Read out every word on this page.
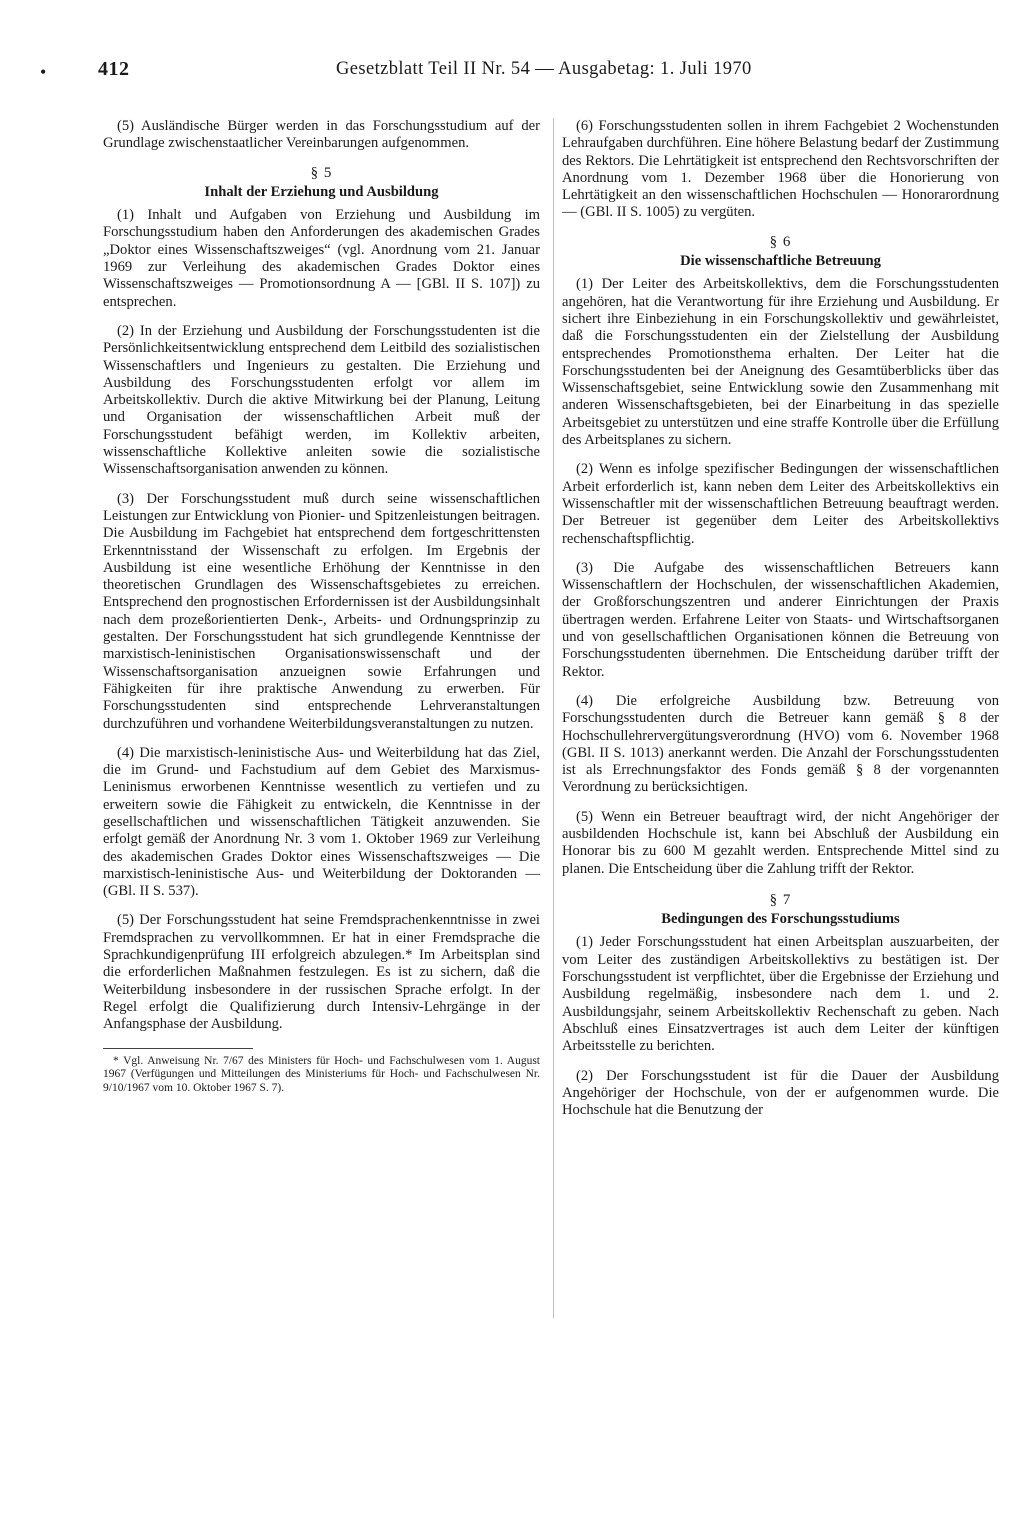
•	412	Gesetzblatt Teil II Nr. 54 — Ausgabetag: 1. Juli 1970

(5) Ausländische Bürger werden in das Forschungsstudium auf der Grundlage zwischenstaatlicher Vereinbarungen aufgenommen.

§ 5
Inhalt der Erziehung und Ausbildung

(1) Inhalt und Aufgaben von Erziehung und Ausbildung im Forschungsstudium haben den Anforderungen des akademischen Grades „Doktor eines Wissenschaftszweiges“ (vgl. Anordnung vom 21. Januar 1969 zur Verleihung des akademischen Grades Doktor eines Wissenschaftszweiges — Promotionsordnung A — [GBl. II S. 107]) zu entsprechen.

(2) In der Erziehung und Ausbildung der Forschungsstudenten ist die Persönlichkeitsentwicklung entsprechend dem Leitbild des sozialistischen Wissenschaftlers und Ingenieurs zu gestalten. Die Erziehung und Ausbildung des Forschungsstudenten erfolgt vor allem im Arbeitskollektiv. Durch die aktive Mitwirkung bei der Planung, Leitung und Organisation der wissenschaftlichen Arbeit muß der Forschungsstudent befähigt werden, im Kollektiv arbeiten, wissenschaftliche Kollektive anleiten sowie die sozialistische Wissenschaftsorganisation anwenden zu können.

(3) Der Forschungsstudent muß durch seine wissenschaftlichen Leistungen zur Entwicklung von Pionier- und Spitzenleistungen beitragen. Die Ausbildung im Fachgebiet hat entsprechend dem fortgeschrittensten Erkenntnisstand der Wissenschaft zu erfolgen. Im Ergebnis der Ausbildung ist eine wesentliche Erhöhung der Kenntnisse in den theoretischen Grundlagen des Wissenschaftsgebietes zu erreichen. Entsprechend den prognostischen Erfordernissen ist der Ausbildungsinhalt nach dem prozeßorientierten Denk-, Arbeits- und Ordnungsprinzip zu gestalten. Der Forschungsstudent hat sich grundlegende Kenntnisse der marxistisch-leninistischen Organisationswissenschaft und der Wissenschaftsorganisation anzueignen sowie Erfahrungen und Fähigkeiten für ihre praktische Anwendung zu erwerben. Für Forschungsstudenten sind entsprechende Lehrveranstaltungen durchzuführen und vorhandene Weiterbildungsveranstaltungen zu nutzen.

(4) Die marxistisch-leninistische Aus- und Weiterbildung hat das Ziel, die im Grund- und Fachstudium auf dem Gebiet des Marxismus-Leninismus erworbenen Kenntnisse wesentlich zu vertiefen und zu erweitern sowie die Fähigkeit zu entwickeln, die Kenntnisse in der gesellschaftlichen und wissenschaftlichen Tätigkeit anzuwenden. Sie erfolgt gemäß der Anordnung Nr. 3 vom 1. Oktober 1969 zur Verleihung des akademischen Grades Doktor eines Wissenschaftszweiges — Die marxistisch-leninistische Aus- und Weiterbildung der Doktoranden — (GBl. II S. 537).

(5) Der Forschungsstudent hat seine Fremdsprachenkenntnisse in zwei Fremdsprachen zu vervollkommnen. Er hat in einer Fremdsprache die Sprachkundigenprüfung III erfolgreich abzulegen.* Im Arbeitsplan sind die erforderlichen Maßnahmen festzulegen. Es ist zu sichern, daß die Weiterbildung insbesondere in der russischen Sprache erfolgt. In der Regel erfolgt die Qualifizierung durch Intensiv-Lehrgänge in der Anfangsphase der Ausbildung.

* Vgl. Anweisung Nr. 7/67 des Ministers für Hoch- und Fachschulwesen vom 1. August 1967 (Verfügungen und Mitteilungen des Ministeriums für Hoch- und Fachschulwesen Nr. 9/10/1967 vom 10. Oktober 1967 S. 7).

(6) Forschungsstudenten sollen in ihrem Fachgebiet 2 Wochenstunden Lehraufgaben durchführen. Eine höhere Belastung bedarf der Zustimmung des Rektors. Die Lehrtätigkeit ist entsprechend den Rechtsvorschriften der Anordnung vom 1. Dezember 1968 über die Honorierung von Lehrtätigkeit an den wissenschaftlichen Hochschulen — Honorarordnung — (GBl. II S. 1005) zu vergüten.

§ 6
Die wissenschaftliche Betreuung

(1) Der Leiter des Arbeitskollektivs, dem die Forschungsstudenten angehören, hat die Verantwortung für ihre Erziehung und Ausbildung. Er sichert ihre Einbeziehung in ein Forschungskollektiv und gewährleistet, daß die Forschungsstudenten ein der Zielstellung der Ausbildung entsprechendes Promotionsthema erhalten. Der Leiter hat die Forschungsstudenten bei der Aneignung des Gesamtüberblicks über das Wissenschaftsgebiet, seine Entwicklung sowie den Zusammenhang mit anderen Wissenschaftsgebieten, bei der Einarbeitung in das spezielle Arbeitsgebiet zu unterstützen und eine straffe Kontrolle über die Erfüllung des Arbeitsplanes zu sichern.

(2) Wenn es infolge spezifischer Bedingungen der wissenschaftlichen Arbeit erforderlich ist, kann neben dem Leiter des Arbeitskollektivs ein Wissenschaftler mit der wissenschaftlichen Betreuung beauftragt werden. Der Betreuer ist gegenüber dem Leiter des Arbeitskollektivs rechenschaftspflichtig.

(3) Die Aufgabe des wissenschaftlichen Betreuers kann Wissenschaftlern der Hochschulen, der wissenschaftlichen Akademien, der Großforschungszentren und anderer Einrichtungen der Praxis übertragen werden. Erfahrene Leiter von Staats- und Wirtschaftsorganen und von gesellschaftlichen Organisationen können die Betreuung von Forschungsstudenten übernehmen. Die Entscheidung darüber trifft der Rektor.

(4) Die erfolgreiche Ausbildung bzw. Betreuung von Forschungsstudenten durch die Betreuer kann gemäß § 8 der Hochschullehrervergütungsverordnung (HVO) vom 6. November 1968 (GBl. II S. 1013) anerkannt werden. Die Anzahl der Forschungsstudenten ist als Errechnungsfaktor des Fonds gemäß § 8 der vorgenannten Verordnung zu berücksichtigen.

(5) Wenn ein Betreuer beauftragt wird, der nicht Angehöriger der ausbildenden Hochschule ist, kann bei Abschluß der Ausbildung ein Honorar bis zu 600 M gezahlt werden. Entsprechende Mittel sind zu planen. Die Entscheidung über die Zahlung trifft der Rektor.

§ 7
Bedingungen des Forschungsstudiums

(1) Jeder Forschungsstudent hat einen Arbeitsplan auszuarbeiten, der vom Leiter des zuständigen Arbeitskollektivs zu bestätigen ist. Der Forschungsstudent ist verpflichtet, über die Ergebnisse der Erziehung und Ausbildung regelmäßig, insbesondere nach dem 1. und 2. Ausbildungsjahr, seinem Arbeitskollektiv Rechenschaft zu geben. Nach Abschluß eines Einsatzvertrages ist auch dem Leiter der künftigen Arbeitsstelle zu berichten.

(2) Der Forschungsstudent ist für die Dauer der Ausbildung Angehöriger der Hochschule, von der er aufgenommen wurde. Die Hochschule hat die Benutzung der
